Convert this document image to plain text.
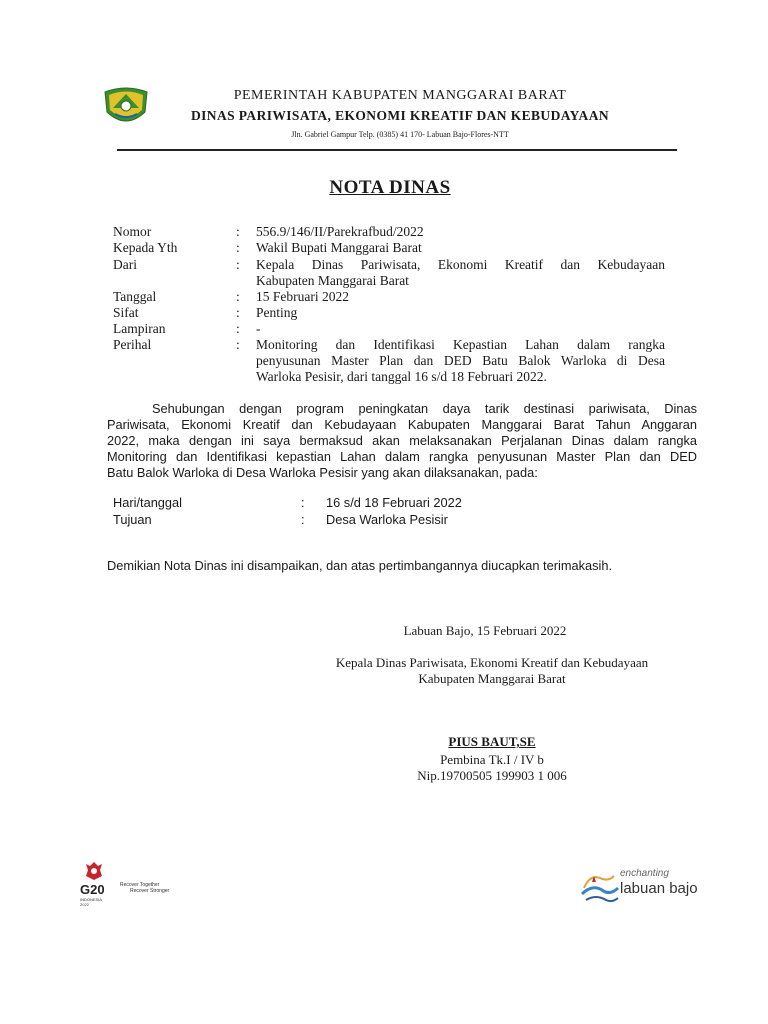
PEMERINTAH KABUPATEN MANGGARAI BARAT
DINAS PARIWISATA, EKONOMI KREATIF DAN KEBUDAYAAN
Jln. Gabriel Gampur Telp. (0385) 41 170- Labuan Bajo-Flores-NTT
NOTA DINAS
Nomor	:	556.9/146/II/Parekrafbud/2022
Kepada Yth	:	Wakil Bupati Manggarai Barat
Dari	:	Kepala Dinas Pariwisata, Ekonomi Kreatif dan Kebudayaan
Kabupaten Manggarai Barat
Tanggal	:	15 Februari 2022
Sifat	:	Penting
Lampiran	:	-
Perihal	:	Monitoring dan Identifikasi Kepastian Lahan dalam rangka
penyusunan Master Plan dan DED Batu Balok Warloka di Desa
Warloka Pesisir, dari tanggal 16 s/d 18 Februari 2022.
Sehubungan dengan program peningkatan daya tarik destinasi pariwisata, Dinas
Pariwisata, Ekonomi Kreatif dan Kebudayaan Kabupaten Manggarai Barat Tahun Anggaran
2022, maka dengan ini saya bermaksud akan melaksanakan Perjalanan Dinas dalam rangka
Monitoring dan Identifikasi kepastian Lahan dalam rangka penyusunan Master Plan dan DED
Batu Balok Warloka di Desa Warloka Pesisir yang akan dilaksanakan, pada:
Hari/tanggal	: 16 s/d 18 Februari 2022
Tujuan	: Desa Warloka Pesisir
Demikian Nota Dinas ini disampaikan, dan atas pertimbangannya diucapkan terimakasih.
Labuan Bajo, 15 Februari 2022
Kepala Dinas Pariwisata, Ekonomi Kreatif dan Kebudayaan
Kabupaten Manggarai Barat
PIUS BAUT,SE
Pembina Tk.I / IV b
Nip.19700505 199903 1 006
G20
INDONESIA
2022
Recover Together
Recover Stronger
enchanting
labuan bajo
